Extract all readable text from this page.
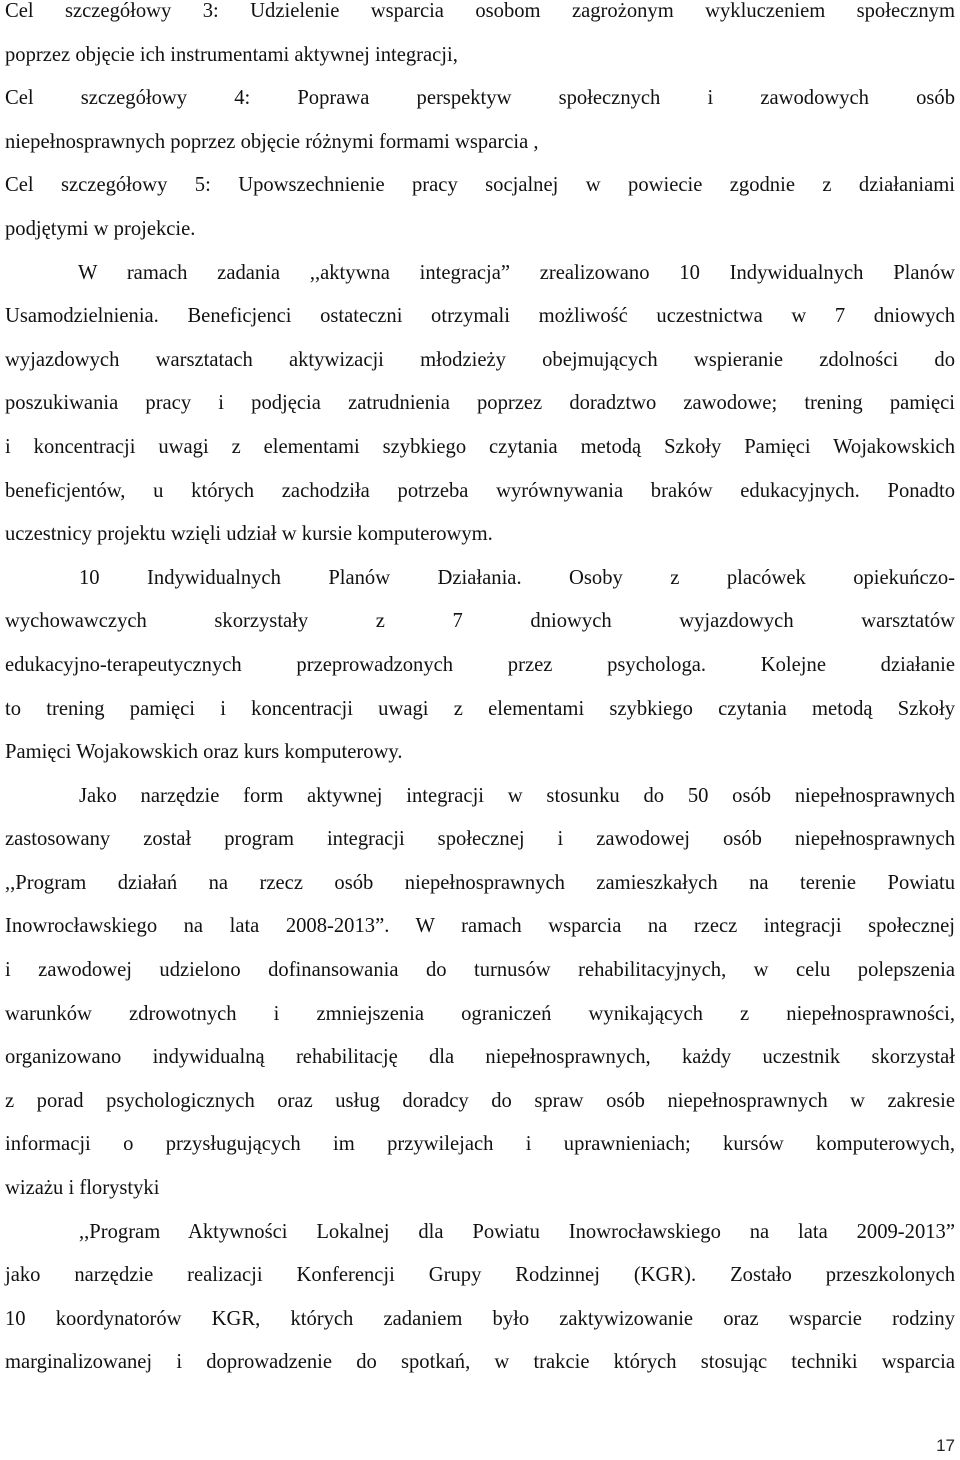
Cel szczegółowy 3: Udzielenie wsparcia osobom zagrożonym wykluczeniem społecznym
poprzez objęcie ich instrumentami aktywnej integracji,
Cel szczegółowy 4: Poprawa perspektyw społecznych i zawodowych osób
niepełnosprawnych poprzez objęcie różnymi formami wsparcia ,
Cel szczegółowy 5: Upowszechnienie pracy socjalnej w powiecie zgodnie z działaniami
podjętymi w projekcie.
W ramach zadania ,,aktywna integracja” zrealizowano 10 Indywidualnych Planów
Usamodzielnienia. Beneficjenci ostateczni otrzymali możliwość uczestnictwa w 7 dniowych
wyjazdowych warsztatach aktywizacji młodzieży obejmujących wspieranie zdolności do
poszukiwania pracy i podjęcia zatrudnienia poprzez doradztwo zawodowe; trening pamięci
i koncentracji uwagi z elementami szybkiego czytania metodą Szkoły Pamięci Wojakowskich
beneficjentów, u których zachodziła potrzeba wyrównywania braków edukacyjnych. Ponadto
uczestnicy projektu wzięli udział w kursie komputerowym.
10 Indywidualnych Planów Działania. Osoby z placówek opiekuńczo-
wychowawczych skorzystały z 7 dniowych wyjazdowych warsztatów
edukacyjno-terapeutycznych przeprowadzonych przez psychologa. Kolejne działanie
to trening pamięci i koncentracji uwagi z elementami szybkiego czytania metodą Szkoły
Pamięci Wojakowskich oraz kurs komputerowy.
Jako narzędzie form aktywnej integracji w stosunku do 50 osób niepełnosprawnych
zastosowany został program integracji społecznej i zawodowej osób niepełnosprawnych
,,Program działań na rzecz osób niepełnosprawnych zamieszkałych na terenie Powiatu
Inowrocławskiego na lata 2008-2013”. W ramach wsparcia na rzecz integracji społecznej
i zawodowej udzielono dofinansowania do turnusów rehabilitacyjnych, w celu polepszenia
warunków zdrowotnych i zmniejszenia ograniczeń wynikających z niepełnosprawności,
organizowano indywidualną rehabilitację dla niepełnosprawnych, każdy uczestnik skorzystał
z porad psychologicznych oraz usług doradcy do spraw osób niepełnosprawnych w zakresie
informacji o przysługujących im przywilejach i uprawnieniach; kursów komputerowych,
wizażu i florystyki
,,Program Aktywności Lokalnej dla Powiatu Inowrocławskiego na lata 2009-2013”
jako narzędzie realizacji Konferencji Grupy Rodzinnej (KGR). Zostało przeszkolonych
10 koordynatorów KGR, których zadaniem było zaktywizowanie oraz wsparcie rodziny
marginalizowanej i doprowadzenie do spotkań, w trakcie których stosując techniki wsparcia
17
